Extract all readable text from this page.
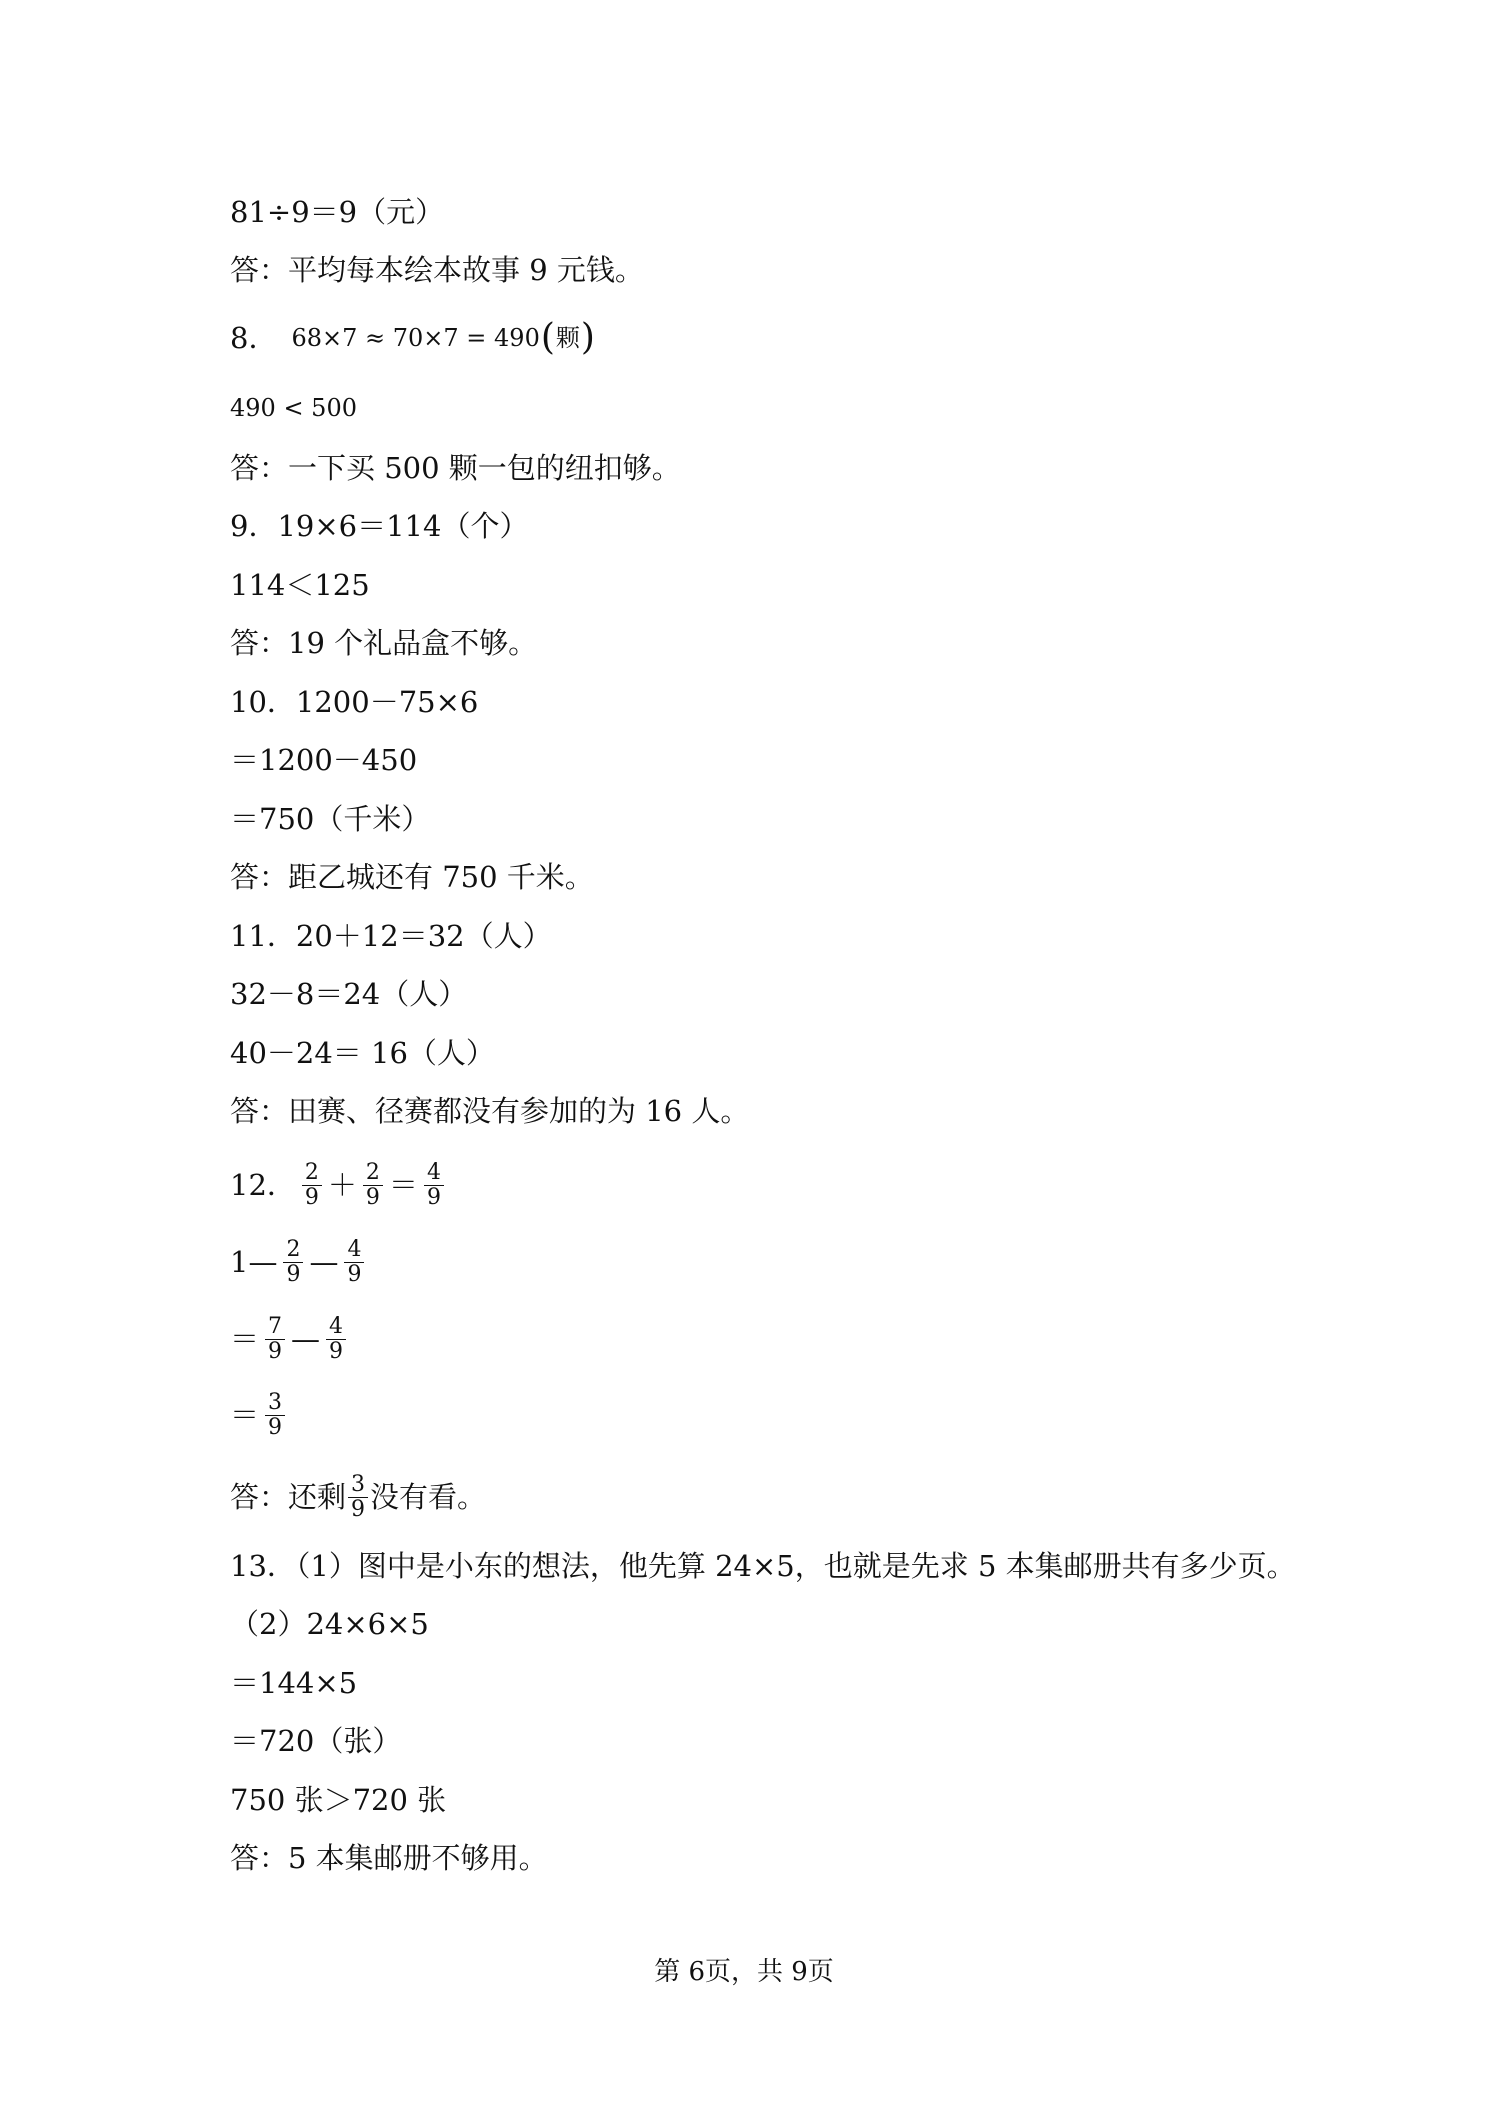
81÷9＝9（元）
答：平均每本绘本故事 9 元钱。
8． 68×7 ≈ 70×7 = 490 ( 颗 )
490 < 500
答：一下买 500 颗一包的纽扣够。
9．19×6＝114（个）
114＜125
答：19 个礼品盒不够。
10．1200－75×6
＝1200－450
＝750（千米）
答：距乙城还有 750 千米。
11．20＋12＝32（人）
32－8＝24（人）
40－24＝ 16（人）
答：田赛、径赛都没有参加的为 16 人。
12． $\frac{2}{9} + \frac{2}{9} = \frac{4}{9}$
1— $\frac{2}{9}$ — $\frac{4}{9}$
＝ $\frac{7}{9}$ — $\frac{4}{9}$
＝ $\frac{3}{9}$
答：还剩 $\frac{3}{9}$ 没有看。
13．（1）图中是小东的想法，他先算 24×5，也就是先求 5 本集邮册共有多少页。
（2）24×6×5
＝144×5
＝720（张）
750 张＞720 张
答：5 本集邮册不够用。
第 6页，共 9页
